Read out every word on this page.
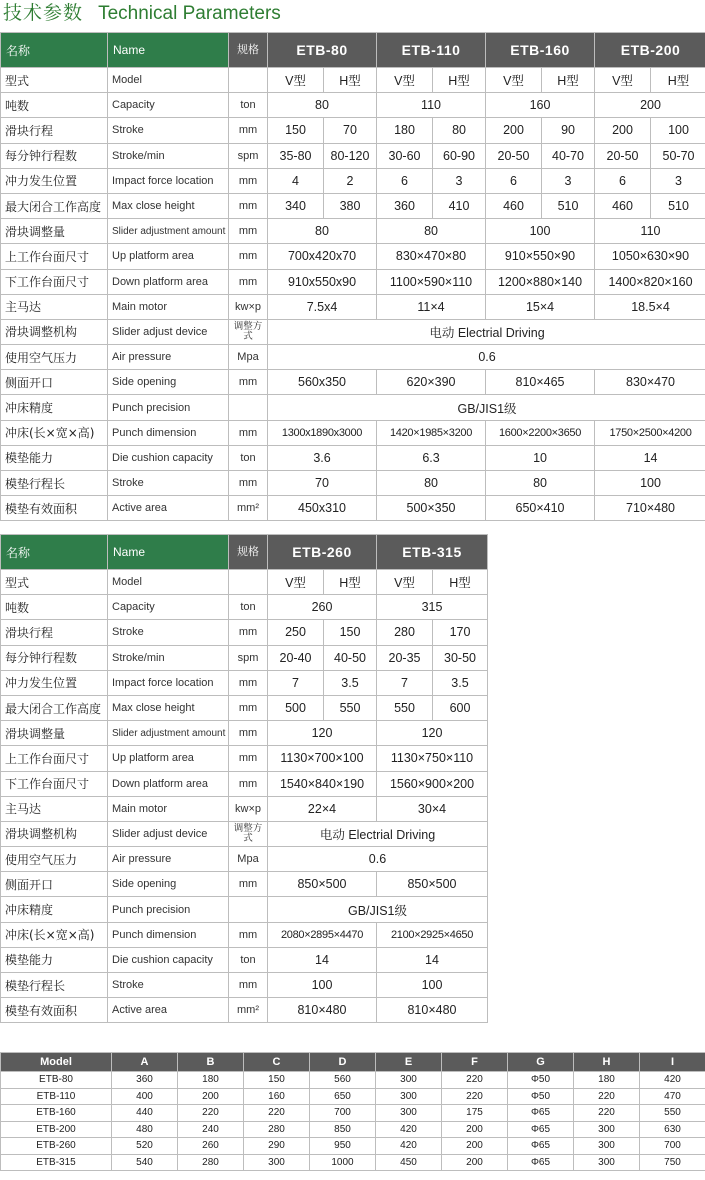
技术参数 Technical Parameters
名称	Name	规格	ETB-80		ETB-110		ETB-160		ETB-200	
型式	Model		V型	H型	V型	H型	V型	H型	V型	H型
吨数	Capacity	ton	80		110		160		200	
滑块行程	Stroke	mm	150	70	180	80	200	90	200	100
每分钟行程数	Stroke/min	spm	35-80	80-120	30-60	60-90	20-50	40-70	20-50	50-70
冲力发生位置	Impact force location	mm	4	2	6	3	6	3	6	3
最大闭合工作高度	Max close height	mm	340	380	360	410	460	510	460	510
滑块调整量	Slider adjustment amount	mm	80		80		100		110	
上工作台面尺寸	Up platform area	mm	700x420x70		830×470×80		910×550×90		1050×630×90	
下工作台面尺寸	Down platform area	mm	910x550x90		1100×590×110		1200×880×140		1400×820×160	
主马达	Main motor	kw×p	7.5x4		11×4		15×4		18.5×4	
滑块调整机构	Slider adjust device	调整方式	电动 Electrial Driving							
使用空气压力	Air pressure	Mpa	0.6							
侧面开口	Side opening	mm	560x350		620×390		810×465		830×470	
冲床精度	Punch precision		GB/JIS1级							
冲床(长×宽×高)	Punch dimension	mm	1300x1890x3000		1420×1985×3200		1600×2200×3650		1750×2500×4200	
模垫能力	Die cushion capacity	ton	3.6		6.3		10		14	
模垫行程长	Stroke	mm	70		80		80		100	
模垫有效面积	Active area	mm²	450x310		500×350		650×410		710×480	
名称	Name	规格	ETB-260		ETB-315	
型式	Model		V型	H型	V型	H型
吨数	Capacity	ton	260		315	
滑块行程	Stroke	mm	250	150	280	170
每分钟行程数	Stroke/min	spm	20-40	40-50	20-35	30-50
冲力发生位置	Impact force location	mm	7	3.5	7	3.5
最大闭合工作高度	Max close height	mm	500	550	550	600
滑块调整量	Slider adjustment amount	mm	120		120	
上工作台面尺寸	Up platform area	mm	1130×700×100		1130×750×110	
下工作台面尺寸	Down platform area	mm	1540×840×190		1560×900×200	
主马达	Main motor	kw×p	22×4		30×4	
滑块调整机构	Slider adjust device	调整方式	电动 Electrial Driving			
使用空气压力	Air pressure	Mpa	0.6			
侧面开口	Side opening	mm	850×500		850×500	
冲床精度	Punch precision		GB/JIS1级			
冲床(长×宽×高)	Punch dimension	mm	2080×2895×4470		2100×2925×4650	
模垫能力	Die cushion capacity	ton	14		14	
模垫行程长	Stroke	mm	100		100	
模垫有效面积	Active area	mm²	810×480		810×480	
Model	A	B	C	D	E	F	G	H	I
ETB-80	360	180	150	560	300	220	Φ50	180	420
ETB-110	400	200	160	650	300	220	Φ50	220	470
ETB-160	440	220	220	700	300	175	Φ65	220	550
ETB-200	480	240	280	850	420	200	Φ65	300	630
ETB-260	520	260	290	950	420	200	Φ65	300	700
ETB-315	540	280	300	1000	450	200	Φ65	300	750
